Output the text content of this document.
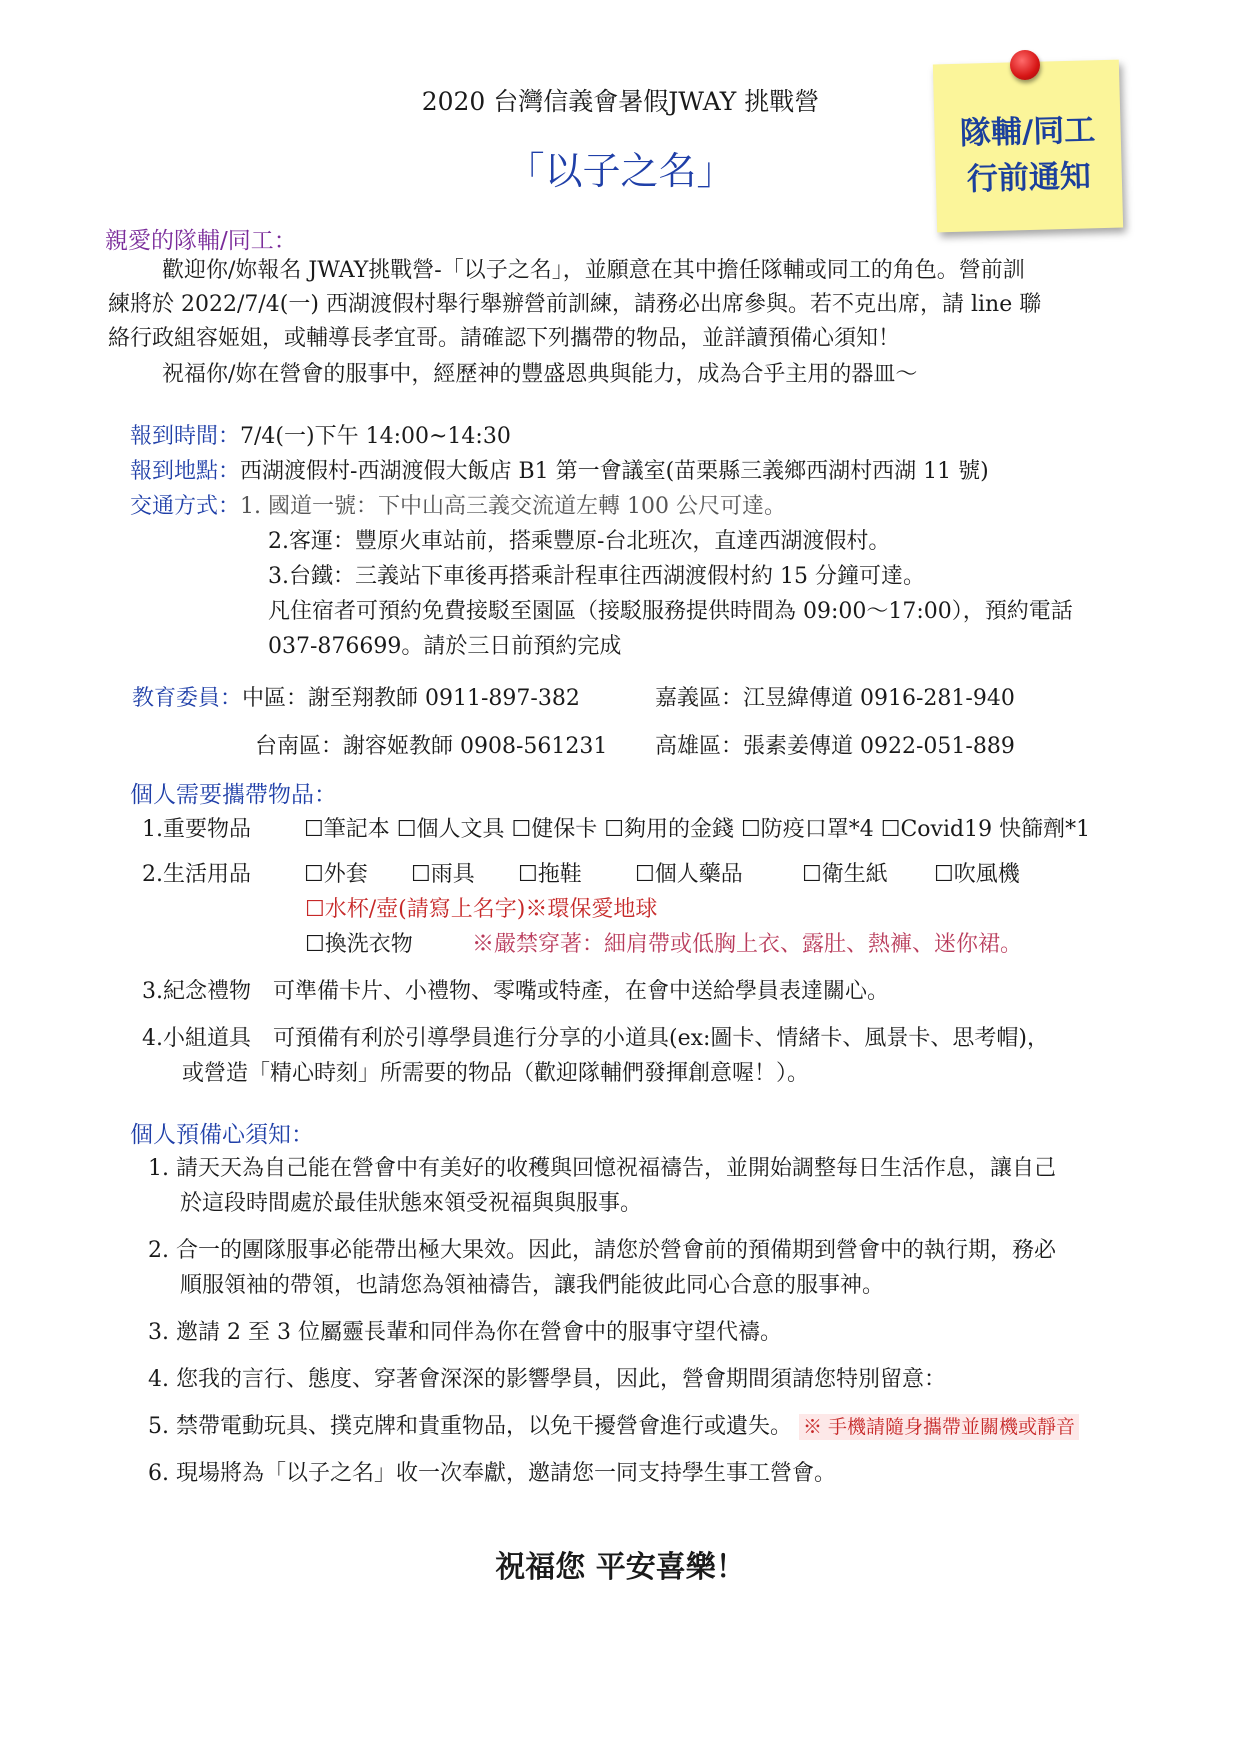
2020 台灣信義會暑假JWAY 挑戰營
「以子之名」
隊輔/同工
行前通知
親愛的隊輔/同工：
歡迎你/妳報名 JWAY挑戰營-「以子之名」，並願意在其中擔任隊輔或同工的角色。營前訓
練將於 2022/7/4(一) 西湖渡假村舉行舉辦營前訓練，請務必出席參與。若不克出席，請 line 聯
絡行政組容姬姐，或輔導長孝宜哥。請確認下列攜帶的物品，並詳讀預備心須知！
祝福你/妳在營會的服事中，經歷神的豐盛恩典與能力，成為合乎主用的器皿～
報到時間：7/4(一)下午 14:00~14:30
報到地點：西湖渡假村-西湖渡假大飯店 B1 第一會議室(苗栗縣三義鄉西湖村西湖 11 號)
交通方式：1. 國道一號：下中山高三義交流道左轉 100 公尺可達。
2.客運：豐原火車站前，搭乘豐原-台北班次，直達西湖渡假村。
3.台鐵：三義站下車後再搭乘計程車往西湖渡假村約 15 分鐘可達。
凡住宿者可預約免費接駁至園區（接駁服務提供時間為 09:00～17:00），預約電話
037-876699。請於三日前預約完成
教育委員：中區：謝至翔教師 0911-897-382	嘉義區：江昱緯傳道 0916-281-940
台南區：謝容姬教師 0908-561231 高雄區：張素姜傳道 0922-051-889
個人需要攜帶物品：
1.重要物品 ☐筆記本 ☐個人文具 ☐健保卡 ☐夠用的金錢 ☐防疫口罩*4 ☐Covid19 快篩劑*1
2.生活用品 ☐外套 ☐雨具 ☐拖鞋 ☐個人藥品	☐衛生紙 ☐吹風機
☐水杯/壺(請寫上名字)※環保愛地球
☐換洗衣物	※嚴禁穿著：細肩帶或低胸上衣、露肚、熱褲、迷你裙。
3.紀念禮物　可準備卡片、小禮物、零嘴或特產，在會中送給學員表達關心。
4.小組道具　可預備有利於引導學員進行分享的小道具(ex:圖卡、情緒卡、風景卡、思考帽)，
或營造「精心時刻」所需要的物品（歡迎隊輔們發揮創意喔！）。
個人預備心須知：
1. 請天天為自己能在營會中有美好的收穫與回憶祝福禱告，並開始調整每日生活作息，讓自己
於這段時間處於最佳狀態來領受祝福與與服事。
2. 合一的團隊服事必能帶出極大果效。因此，請您於營會前的預備期到營會中的執行期，務必
順服領袖的帶領，也請您為領袖禱告，讓我們能彼此同心合意的服事神。
3. 邀請 2 至 3 位屬靈長輩和同伴為你在營會中的服事守望代禱。
4. 您我的言行、態度、穿著會深深的影響學員，因此，營會期間須請您特別留意：
5. 禁帶電動玩具、撲克牌和貴重物品，以免干擾營會進行或遺失。 ※ 手機請隨身攜帶並關機或靜音
6. 現場將為「以子之名」收一次奉獻，邀請您一同支持學生事工營會。
祝福您 平安喜樂！
